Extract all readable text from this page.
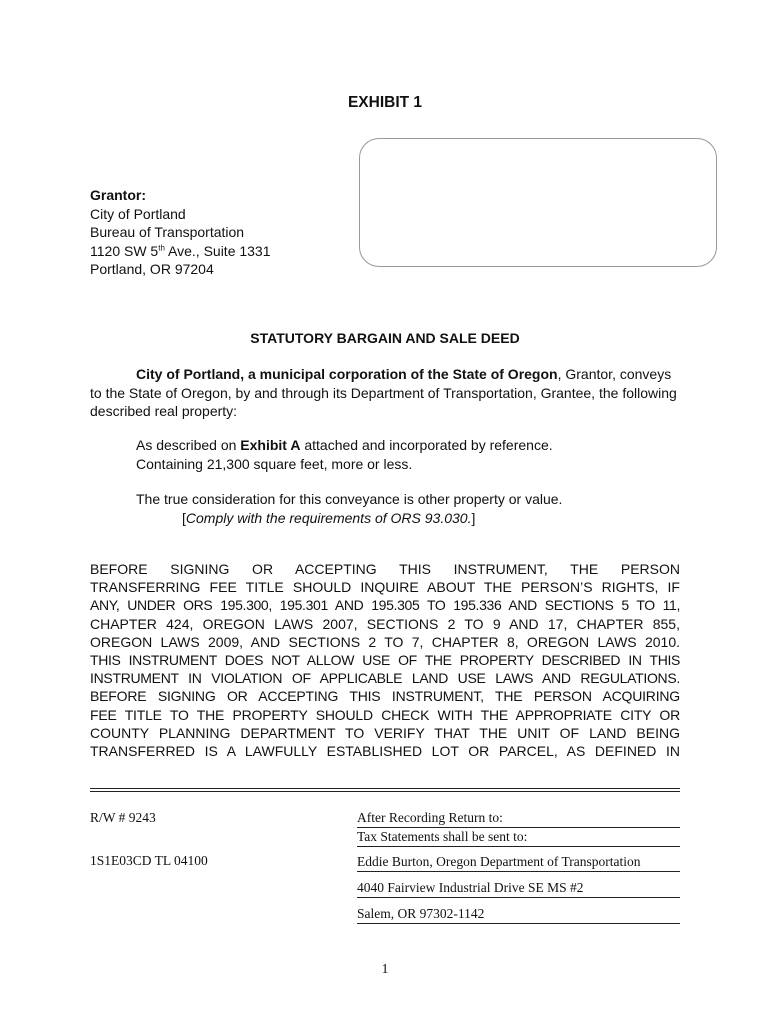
EXHIBIT 1
Grantor:
City of Portland
Bureau of Transportation
1120 SW 5th Ave., Suite 1331
Portland, OR 97204
STATUTORY BARGAIN AND SALE DEED
City of Portland, a municipal corporation of the State of Oregon, Grantor, conveys to the State of Oregon, by and through its Department of Transportation, Grantee, the following described real property:
As described on Exhibit A attached and incorporated by reference.
Containing 21,300 square feet, more or less.
The true consideration for this conveyance is other property or value.
[Comply with the requirements of ORS 93.030.]
BEFORE SIGNING OR ACCEPTING THIS INSTRUMENT, THE PERSON
TRANSFERRING FEE TITLE SHOULD INQUIRE ABOUT THE PERSON’S RIGHTS, IF
ANY, UNDER ORS 195.300, 195.301 AND 195.305 TO 195.336 AND SECTIONS 5 TO 11,
CHAPTER 424, OREGON LAWS 2007, SECTIONS 2 TO 9 AND 17, CHAPTER 855,
OREGON LAWS 2009, AND SECTIONS 2 TO 7, CHAPTER 8, OREGON LAWS 2010.
THIS INSTRUMENT DOES NOT ALLOW USE OF THE PROPERTY DESCRIBED IN THIS
INSTRUMENT IN VIOLATION OF APPLICABLE LAND USE LAWS AND REGULATIONS.
BEFORE SIGNING OR ACCEPTING THIS INSTRUMENT, THE PERSON ACQUIRING
FEE TITLE TO THE PROPERTY SHOULD CHECK WITH THE APPROPRIATE CITY OR
COUNTY PLANNING DEPARTMENT TO VERIFY THAT THE UNIT OF LAND BEING
TRANSFERRED IS A LAWFULLY ESTABLISHED LOT OR PARCEL, AS DEFINED IN
R/W # 9243
1S1E03CD TL 04100
After Recording Return to:
Tax Statements shall be sent to:
Eddie Burton, Oregon Department of Transportation
4040 Fairview Industrial Drive SE MS #2
Salem, OR 97302-1142
1
